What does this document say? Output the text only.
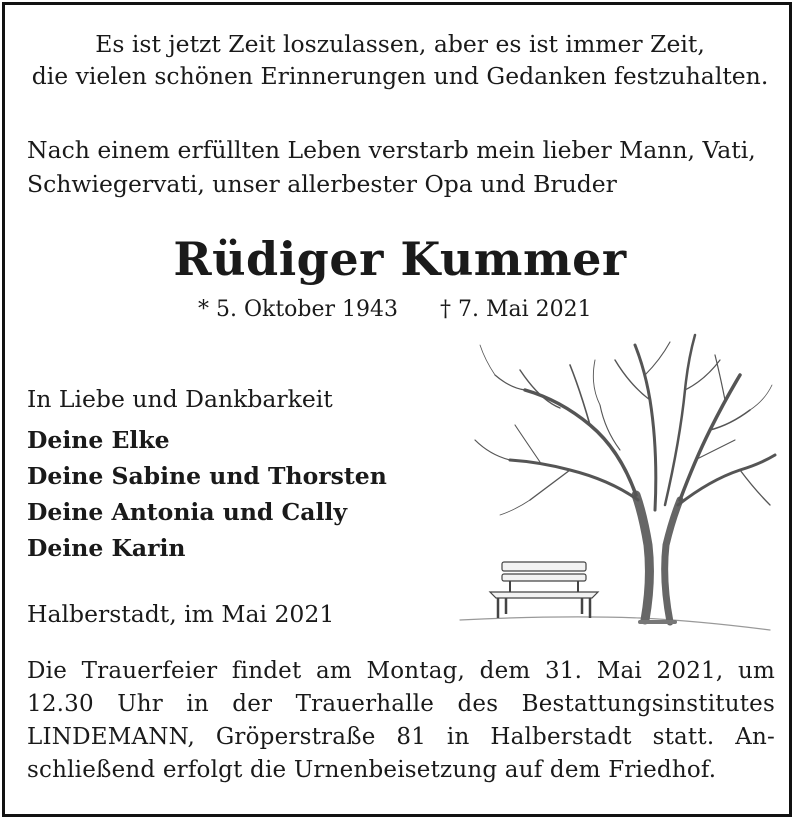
Es ist jetzt Zeit loszulassen, aber es ist immer Zeit,
die vielen schönen Erinnerungen und Gedanken festzuhalten.
Nach einem erfüllten Leben verstarb mein lieber Mann, Vati,
Schwiegervati, unser allerbester Opa und Bruder
Rüdiger Kummer
* 5. Oktober 1943 † 7. Mai 2021
In Liebe und Dankbarkeit
Deine Elke
Deine Sabine und Thorsten
Deine Antonia und Cally
Deine Karin
Halberstadt, im Mai 2021
Die Trauerfeier findet am Montag, dem 31. Mai 2021, um
12.30 Uhr in der Trauerhalle des Bestattungsinstitutes
LINDEMANN, Gröperstraße 81 in Halberstadt statt. An-
schließend erfolgt die Urnenbeisetzung auf dem Friedhof.
